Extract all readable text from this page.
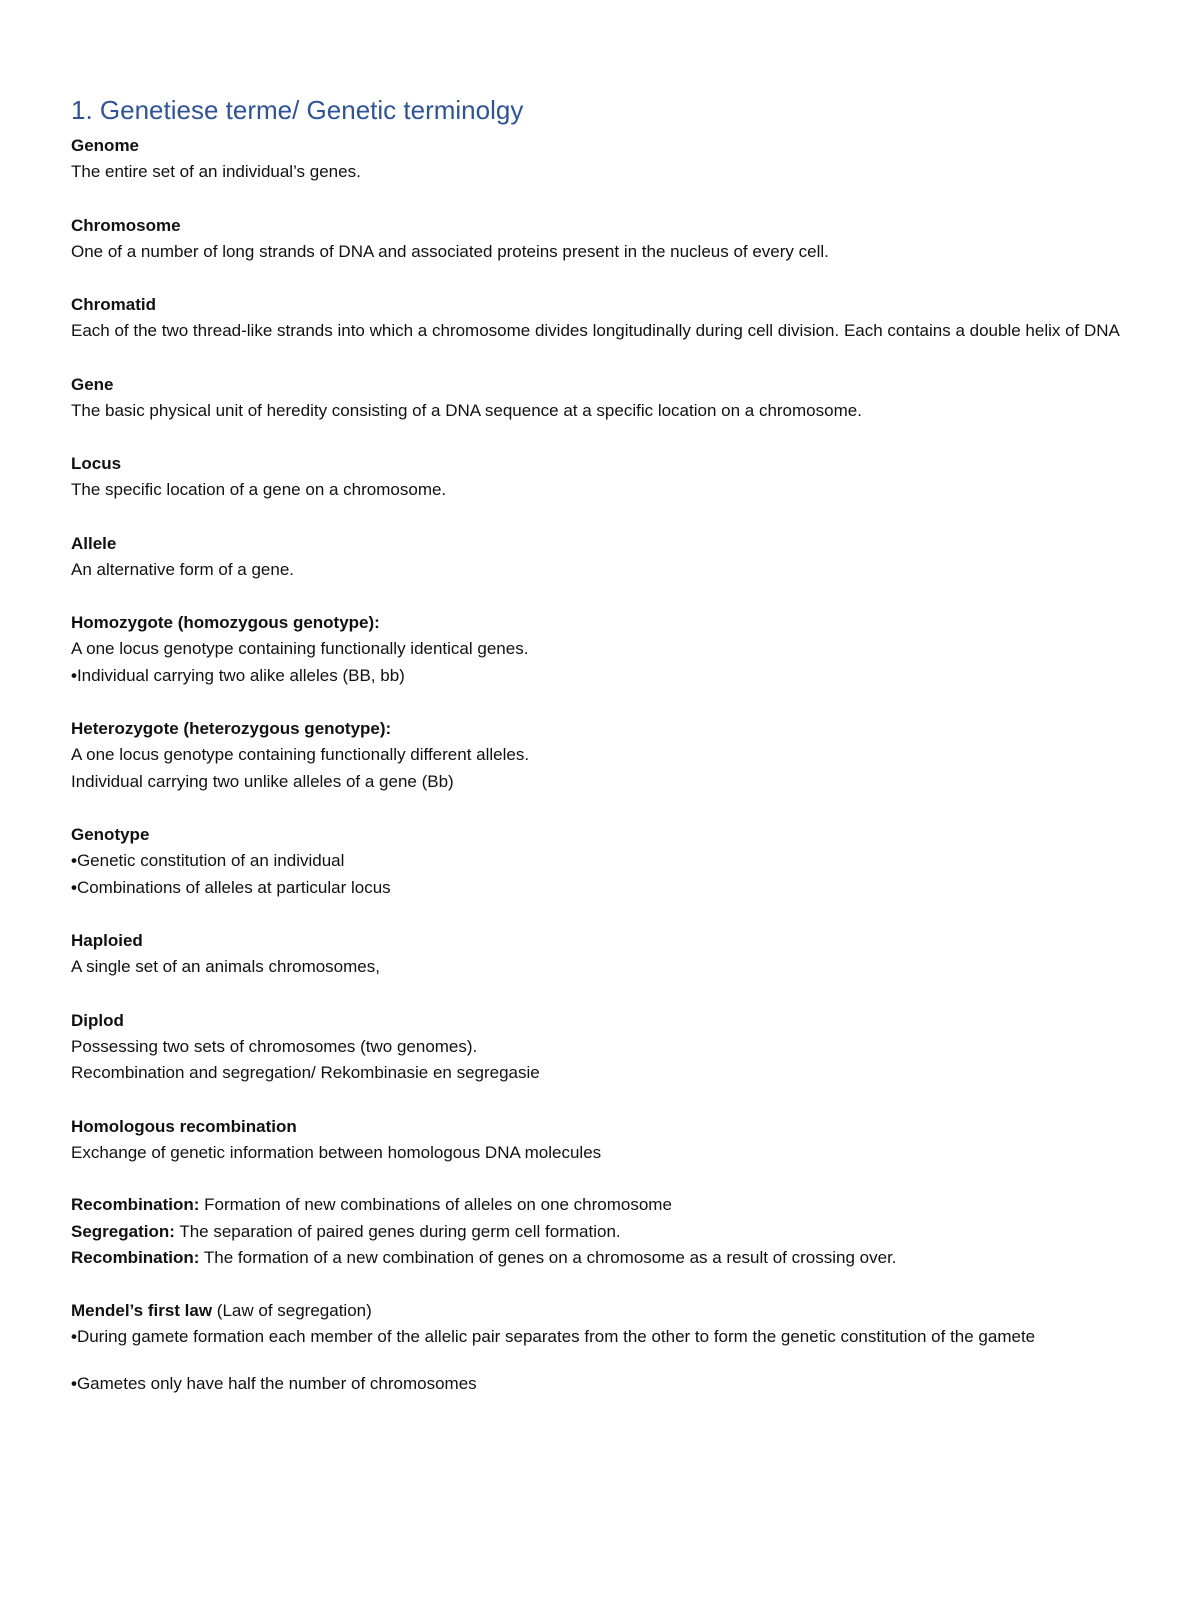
1. Genetiese terme/ Genetic terminolgy
Genome
The entire set of an individual’s genes.
Chromosome
One of a number of long strands of DNA and associated proteins present in the nucleus of every cell.
Chromatid
Each of the two thread-like strands into which a chromosome divides longitudinally during cell division. Each contains a double helix of DNA
Gene
The basic physical unit of heredity consisting of a DNA sequence at a specific location on a chromosome.
Locus
The specific location of a gene on a chromosome.
Allele
An alternative form of a gene.
Homozygote (homozygous genotype):
A one locus genotype containing functionally identical genes.
•Individual carrying two alike alleles (BB, bb)
Heterozygote (heterozygous genotype):
A one locus genotype containing functionally different alleles.
Individual carrying two unlike alleles of a gene (Bb)
Genotype
•Genetic constitution of an individual
•Combinations of alleles at particular locus
Haploied
A single set of an animals chromosomes,
Diplod
Possessing two sets of chromosomes (two genomes).
Recombination and segregation/ Rekombinasie en segregasie
Homologous recombination
Exchange of genetic information between homologous DNA molecules
Recombination: Formation of new combinations of alleles on one chromosome
Segregation: The separation of paired genes during germ cell formation.
Recombination: The formation of a new combination of genes on a chromosome as a result of crossing over.
Mendel’s first law (Law of segregation)
•During gamete formation each member of the allelic pair separates from the other to form the genetic constitution of the gamete
•Gametes only have half the number of chromosomes
